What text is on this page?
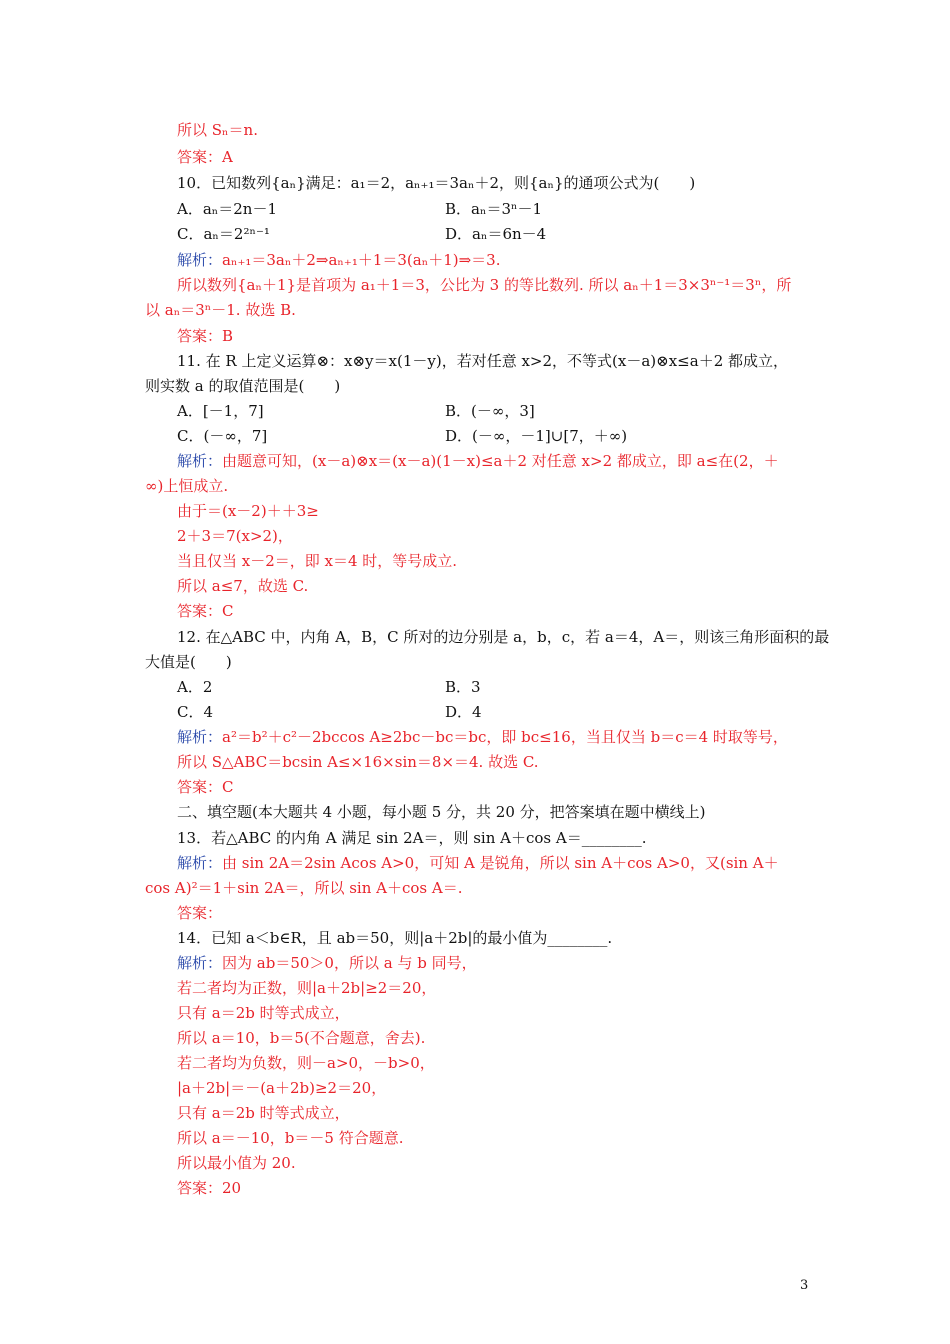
所以 Sₙ＝n.
答案：A
10．已知数列{aₙ}满足：a₁＝2，aₙ₊₁＝3aₙ＋2，则{aₙ}的通项公式为(　　)
A．aₙ＝2n－1	B．aₙ＝3ⁿ－1
C．aₙ＝2²ⁿ⁻¹	D．aₙ＝6n－4
解析：aₙ₊₁＝3aₙ＋2⇒aₙ₊₁＋1＝3(aₙ＋1)⇒＝3.
所以数列{aₙ＋1}是首项为 a₁＋1＝3，公比为 3 的等比数列. 所以 aₙ＋1＝3×3ⁿ⁻¹＝3ⁿ，所
以 aₙ＝3ⁿ－1. 故选 B.
答案：B
11. 在 R 上定义运算⊗：x⊗y＝x(1－y)，若对任意 x>2，不等式(x－a)⊗x≤a＋2 都成立，
则实数 a 的取值范围是(　　)
A．[－1，7]	B．(－∞，3]
C．(－∞，7]	D．(－∞，－1]∪[7，＋∞)
解析：由题意可知，(x－a)⊗x＝(x－a)(1－x)≤a＋2 对任意 x>2 都成立，即 a≤在(2，＋
∞)上恒成立.
由于＝(x－2)＋＋3≥
2＋3＝7(x>2)，
当且仅当 x－2＝，即 x＝4 时，等号成立.
所以 a≤7，故选 C.
答案：C
12. 在△ABC 中，内角 A，B，C 所对的边分别是 a，b，c，若 a＝4，A＝，则该三角形面积的最
大值是(　　)
A．2	B．3
C．4	D．4
解析：a²＝b²＋c²－2bccos A≥2bc－bc＝bc，即 bc≤16，当且仅当 b＝c＝4 时取等号，
所以 S△ABC＝bcsin A≤×16×sin＝8×＝4. 故选 C.
答案：C
二、填空题(本大题共 4 小题，每小题 5 分，共 20 分，把答案填在题中横线上)
13．若△ABC 的内角 A 满足 sin 2A＝，则 sin A＋cos A＝________.
解析：由 sin 2A＝2sin Acos A>0，可知 A 是锐角，所以 sin A＋cos A>0，又(sin A＋
cos A)²＝1＋sin 2A＝，所以 sin A＋cos A＝.
答案：
14．已知 a＜b∈R，且 ab＝50，则|a＋2b|的最小值为________.
解析：因为 ab＝50＞0，所以 a 与 b 同号，
若二者均为正数，则|a＋2b|≥2＝20，
只有 a＝2b 时等式成立，
所以 a＝10，b＝5(不合题意，舍去).
若二者均为负数，则－a>0，－b>0，
|a＋2b|＝－(a＋2b)≥2＝20，
只有 a＝2b 时等式成立，
所以 a＝－10，b＝－5 符合题意.
所以最小值为 20.
答案：20
3
